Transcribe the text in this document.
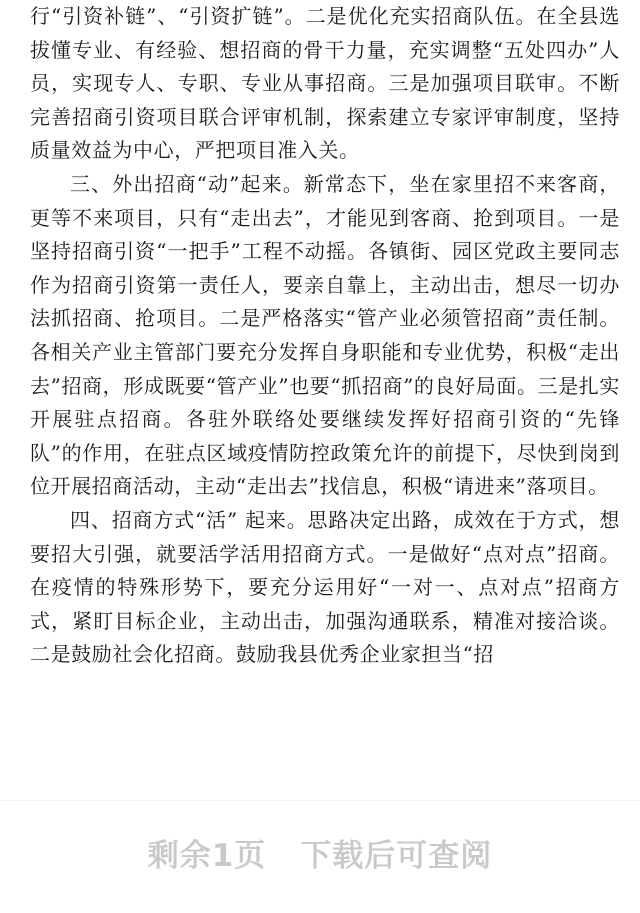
行“引资补链”、“引资扩链”。二是优化充实招商队伍。在全县选拔懂专业、有经验、想招商的骨干力量，充实调整“五处四办”人员，实现专人、专职、专业从事招商。三是加强项目联审。不断完善招商引资项目联合评审机制，探索建立专家评审制度，坚持质量效益为中心，严把项目准入关。

三、外出招商“动”起来。新常态下，坐在家里招不来客商，更等不来项目，只有“走出去”，才能见到客商、抢到项目。一是坚持招商引资“一把手”工程不动摇。各镇街、园区党政主要同志作为招商引资第一责任人，要亲自靠上，主动出击，想尽一切办法抓招商、抢项目。二是严格落实“管产业必须管招商”责任制。各相关产业主管部门要充分发挥自身职能和专业优势，积极“走出去”招商，形成既要“管产业”也要“抓招商”的良好局面。三是扎实开展驻点招商。各驻外联络处要继续发挥好招商引资的“先锋队”的作用，在驻点区域疫情防控政策允许的前提下，尽快到岗到位开展招商活动，主动“走出去”找信息，积极“请进来”落项目。

四、招商方式“活” 起来。思路决定出路，成效在于方式，想要招大引强，就要活学活用招商方式。一是做好“点对点”招商。在疫情的特殊形势下，要充分运用好“一对一、点对点”招商方式，紧盯目标企业，主动出击，加强沟通联系，精准对接洽谈。二是鼓励社会化招商。鼓励我县优秀企业家担当“招

剩余1页 下载后可查阅
